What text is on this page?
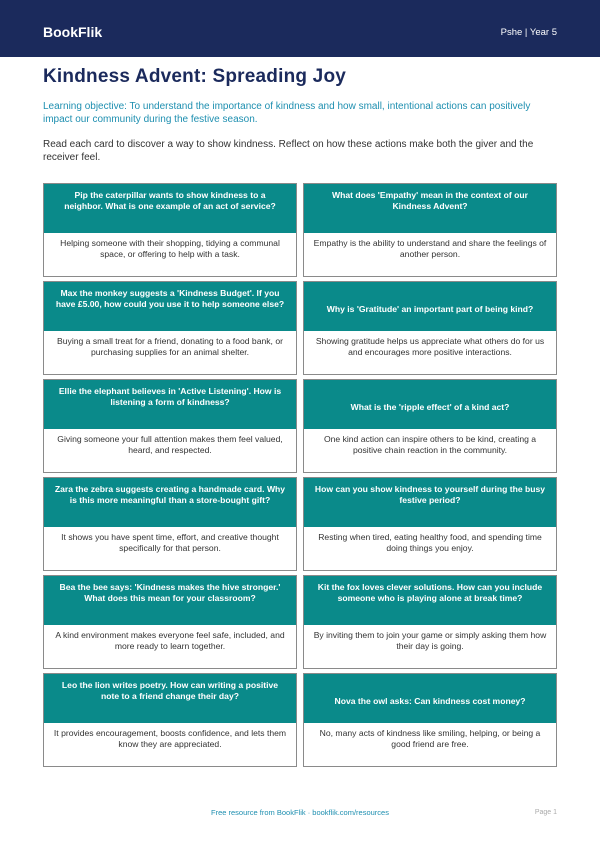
BookFlik	Pshe | Year 5
Kindness Advent: Spreading Joy

Learning objective: To understand the importance of kindness and how small, intentional actions can positively impact our community during the festive season.

Read each card to discover a way to show kindness. Reflect on how these actions make both the giver and the receiver feel.

Pip the caterpillar wants to show kindness to a neighbor. What is one example of an act of service?
Helping someone with their shopping, tidying a communal space, or offering to help with a task.
What does 'Empathy' mean in the context of our Kindness Advent?
Empathy is the ability to understand and share the feelings of another person.
Max the monkey suggests a 'Kindness Budget'. If you have £5.00, how could you use it to help someone else?
Buying a small treat for a friend, donating to a food bank, or purchasing supplies for an animal shelter.
Why is 'Gratitude' an important part of being kind?
Showing gratitude helps us appreciate what others do for us and encourages more positive interactions.
Ellie the elephant believes in 'Active Listening'. How is listening a form of kindness?
Giving someone your full attention makes them feel valued, heard, and respected.
What is the 'ripple effect' of a kind act?
One kind action can inspire others to be kind, creating a positive chain reaction in the community.
Zara the zebra suggests creating a handmade card. Why is this more meaningful than a store-bought gift?
It shows you have spent time, effort, and creative thought specifically for that person.
How can you show kindness to yourself during the busy festive period?
Resting when tired, eating healthy food, and spending time doing things you enjoy.
Bea the bee says: 'Kindness makes the hive stronger.' What does this mean for your classroom?
A kind environment makes everyone feel safe, included, and more ready to learn together.
Kit the fox loves clever solutions. How can you include someone who is playing alone at break time?
By inviting them to join your game or simply asking them how their day is going.
Leo the lion writes poetry. How can writing a positive note to a friend change their day?
It provides encouragement, boosts confidence, and lets them know they are appreciated.
Nova the owl asks: Can kindness cost money?
No, many acts of kindness like smiling, helping, or being a good friend are free.
Free resource from BookFlik · bookflik.com/resources	Page 1
